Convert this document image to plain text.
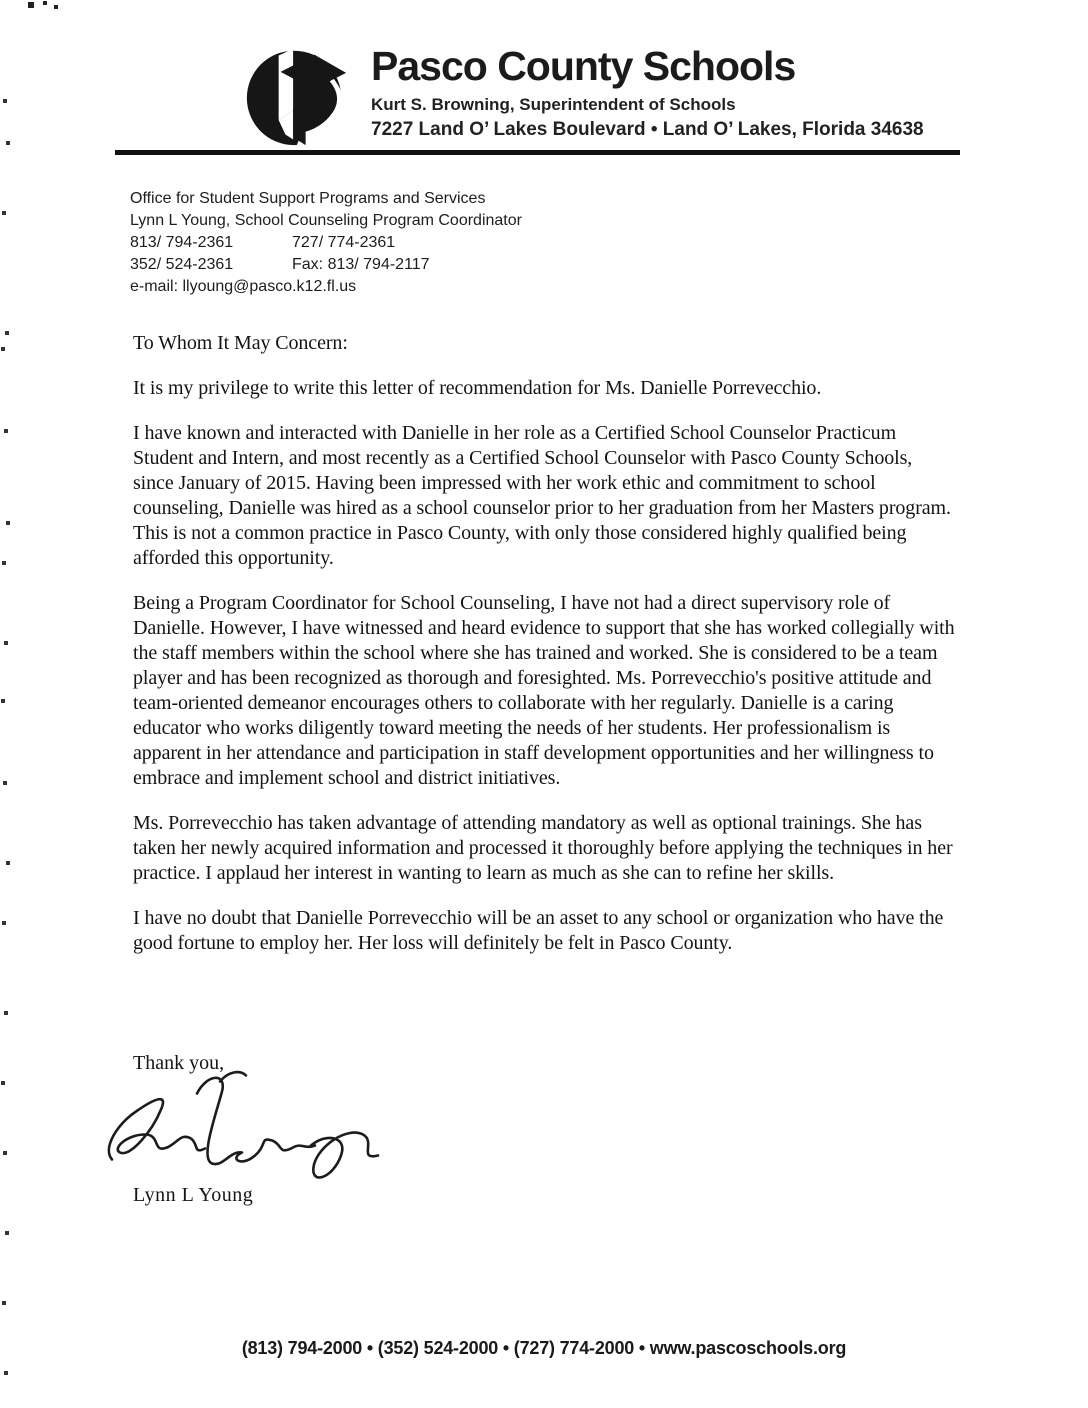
Pasco County Schools
Kurt S. Browning, Superintendent of Schools
7227 Land O’ Lakes Boulevard • Land O’ Lakes, Florida 34638
Office for Student Support Programs and Services
Lynn L Young, School Counseling Program Coordinator
813/ 794-2361	727/ 774-2361
352/ 524-2361	Fax: 813/ 794-2117
e-mail: llyoung@pasco.k12.fl.us

To Whom It May Concern:

It is my privilege to write this letter of recommendation for Ms. Danielle Porrevecchio.

I have known and interacted with Danielle in her role as a Certified School Counselor Practicum Student and Intern, and most recently as a Certified School Counselor with Pasco County Schools, since January of 2015. Having been impressed with her work ethic and commitment to school counseling, Danielle was hired as a school counselor prior to her graduation from her Masters program. This is not a common practice in Pasco County, with only those considered highly qualified being afforded this opportunity.

Being a Program Coordinator for School Counseling, I have not had a direct supervisory role of Danielle. However, I have witnessed and heard evidence to support that she has worked collegially with the staff members within the school where she has trained and worked. She is considered to be a team player and has been recognized as thorough and foresighted. Ms. Porrevecchio's positive attitude and team-oriented demeanor encourages others to collaborate with her regularly. Danielle is a caring educator who works diligently toward meeting the needs of her students. Her professionalism is apparent in her attendance and participation in staff development opportunities and her willingness to embrace and implement school and district initiatives.

Ms. Porrevecchio has taken advantage of attending mandatory as well as optional trainings. She has taken her newly acquired information and processed it thoroughly before applying the techniques in her practice. I applaud her interest in wanting to learn as much as she can to refine her skills.

I have no doubt that Danielle Porrevecchio will be an asset to any school or organization who have the good fortune to employ her. Her loss will definitely be felt in Pasco County.

Thank you,
Lynn L Young
(813) 794-2000 • (352) 524-2000 • (727) 774-2000 • www.pascoschools.org
